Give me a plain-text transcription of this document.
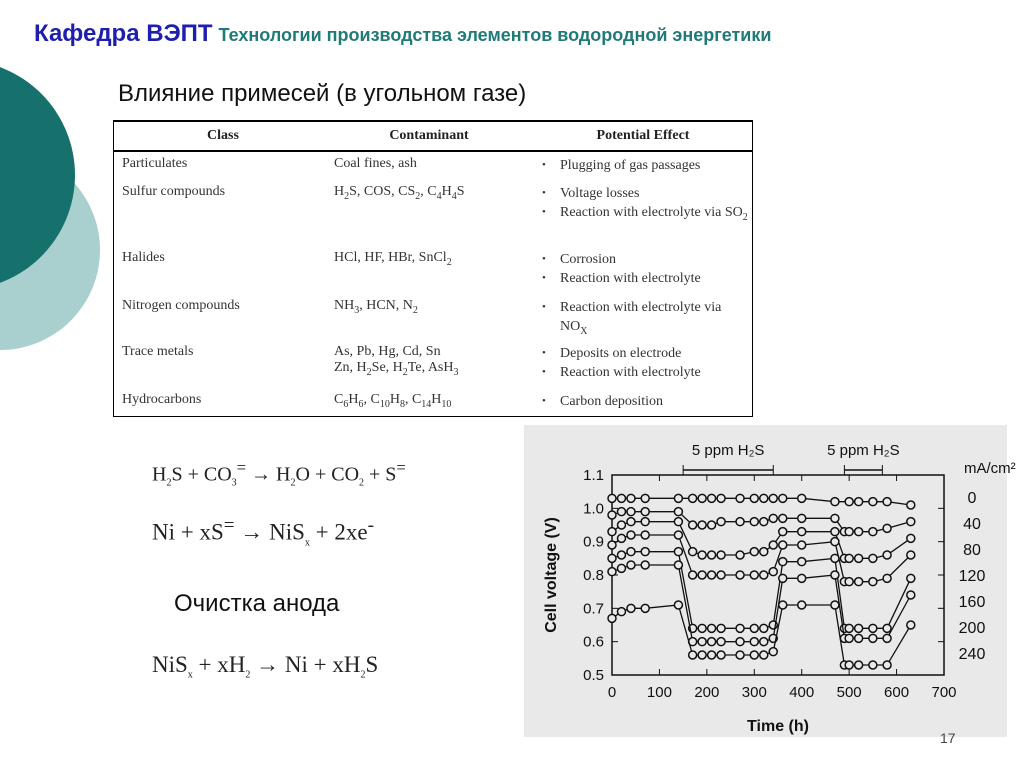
Кафедра ВЭПТ Технологии производства элементов водородной энергетики
Влияние примесей (в угольном газе)
Class	Contaminant	Potential Effect
Particulates	Coal fines, ash	• Plugging of gas passages
Sulfur compounds	$H_2S$, COS, $CS_2$, $C_4H_4S$	• Voltage losses
• Reaction with electrolyte via $SO_2$
Halides	HCl, HF, HBr, SnCl$_2$	• Corrosion
• Reaction with electrolyte
Nitrogen compounds	$NH_3$, HCN, $N_2$	• Reaction with electrolyte via $NO_X$
Trace metals	As, Pb, Hg, Cd, Sn
Zn, $H_2Se$, $H_2Te$, AsH$_3$
• Deposits on electrode
• Reaction with electrolyte
Hydrocarbons	$C_6H_6$, $C_{10}H_8$, $C_{14}H_{10}$	• Carbon deposition
$H_2S + CO_3^= \to H_2O + CO_2 + S^=$
Ni + xS= → NiS$_x$ + 2xe-
Очистка анода
$NiS_x + xH_2 \to Ni + xH_2S$	0.5
0.6
0.7
0.8
0.9
1.0
1.1
0 100 200 300 400 500 600 700
Time (h)
Cell voltage (V)
5 ppm H₂S	5 ppm H₂S
mA/cm²
0
40
80
120
160
200
240
17
